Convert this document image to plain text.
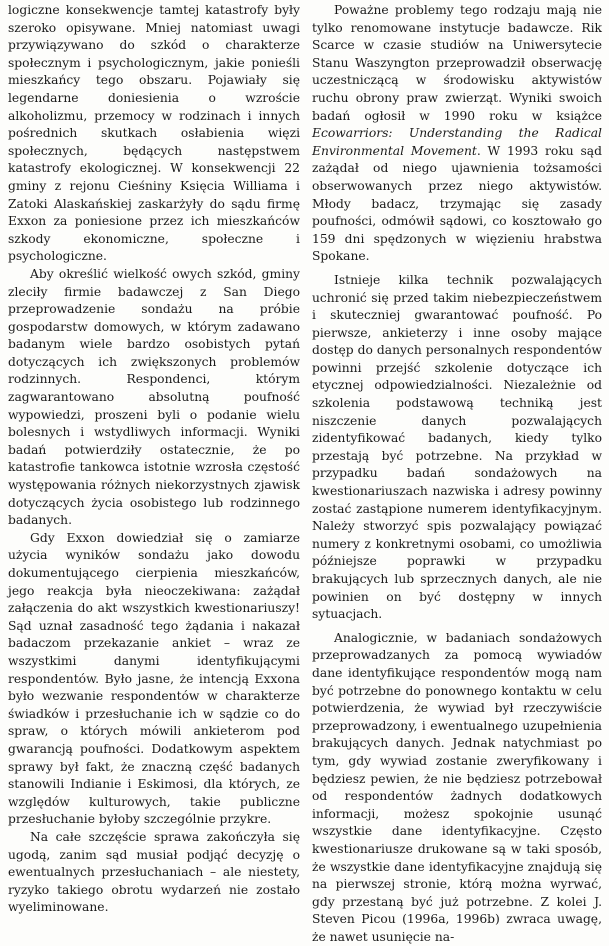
logiczne konsekwencje tamtej katastrofy były szeroko opisywane. Mniej natomiast uwagi przywiązywano do szkód o charakterze społecznym i psychologicznym, jakie ponieśli mieszkańcy tego obszaru. Pojawiały się legendarne doniesienia o wzroście alkoholizmu, przemocy w rodzinach i innych pośrednich skutkach osłabienia więzi społecznych, będących następstwem katastrofy ekologicznej. W konsekwencji 22 gminy z rejonu Cieśniny Księcia Williama i Zatoki Alaskańskiej zaskarżyły do sądu firmę Exxon za poniesione przez ich mieszkańców szkody ekonomiczne, społeczne i psychologiczne.

Aby określić wielkość owych szkód, gminy zleciły firmie badawczej z San Diego przeprowadzenie sondażu na próbie gospodarstw domowych, w którym zadawano badanym wiele bardzo osobistych pytań dotyczących ich zwiększonych problemów rodzinnych. Respondenci, którym zagwarantowano absolutną poufność wypowiedzi, proszeni byli o podanie wielu bolesnych i wstydliwych informacji. Wyniki badań potwierdziły ostatecznie, że po katastrofie tankowca istotnie wzrosła częstość występowania różnych niekorzystnych zjawisk dotyczących życia osobistego lub rodzinnego badanych.

Gdy Exxon dowiedział się o zamiarze użycia wyników sondażu jako dowodu dokumentującego cierpienia mieszkańców, jego reakcja była nieoczekiwana: zażądał załączenia do akt wszystkich kwestionariuszy! Sąd uznał zasadność tego żądania i nakazał badaczom przekazanie ankiet – wraz ze wszystkimi danymi identyfikującymi respondentów. Było jasne, że intencją Exxona było wezwanie respondentów w charakterze świadków i przesłuchanie ich w sądzie co do spraw, o których mówili ankieterom pod gwarancją poufności. Dodatkowym aspektem sprawy był fakt, że znaczną część badanych stanowili Indianie i Eskimosi, dla których, ze względów kulturowych, takie publiczne przesłuchanie byłoby szczególnie przykre.

Na całe szczęście sprawa zakończyła się ugodą, zanim sąd musiał podjąć decyzję o ewentualnych przesłuchaniach – ale niestety, ryzyko takiego obrotu wydarzeń nie zostało wyeliminowane.

Poważne problemy tego rodzaju mają nie tylko renomowane instytucje badawcze. Rik Scarce w czasie studiów na Uniwersytecie Stanu Waszyngton przeprowadził obserwację uczestniczącą w środowisku aktywistów ruchu obrony praw zwierząt. Wyniki swoich badań ogłosił w 1990 roku w książce Ecowarriors: Understanding the Radical Environmental Movement. W 1993 roku sąd zażądał od niego ujawnienia tożsamości obserwowanych przez niego aktywistów. Młody badacz, trzymając się zasady poufności, odmówił sądowi, co kosztowało go 159 dni spędzonych w więzieniu hrabstwa Spokane.

Istnieje kilka technik pozwalających uchronić się przed takim niebezpieczeństwem i skuteczniej gwarantować poufność. Po pierwsze, ankieterzy i inne osoby mające dostęp do danych personalnych respondentów powinni przejść szkolenie dotyczące ich etycznej odpowiedzialności. Niezależnie od szkolenia podstawową techniką jest niszczenie danych pozwalających zidentyfikować badanych, kiedy tylko przestają być potrzebne. Na przykład w przypadku badań sondażowych na kwestionariuszach nazwiska i adresy powinny zostać zastąpione numerem identyfikacyjnym. Należy stworzyć spis pozwalający powiązać numery z konkretnymi osobami, co umożliwia późniejsze poprawki w przypadku brakujących lub sprzecznych danych, ale nie powinien on być dostępny w innych sytuacjach.

Analogicznie, w badaniach sondażowych przeprowadzanych za pomocą wywiadów dane identyfikujące respondentów mogą nam być potrzebne do ponownego kontaktu w celu potwierdzenia, że wywiad był rzeczywiście przeprowadzony, i ewentualnego uzupełnienia brakujących danych. Jednak natychmiast po tym, gdy wywiad zostanie zweryfikowany i będziesz pewien, że nie będziesz potrzebował od respondentów żadnych dodatkowych informacji, możesz spokojnie usunąć wszystkie dane identyfikacyjne. Często kwestionariusze drukowane są w taki sposób, że wszystkie dane identyfikacyjne znajdują się na pierwszej stronie, którą można wyrwać, gdy przestaną być już potrzebne. Z kolei J. Steven Picou (1996a, 1996b) zwraca uwagę, że nawet usunięcie na-
